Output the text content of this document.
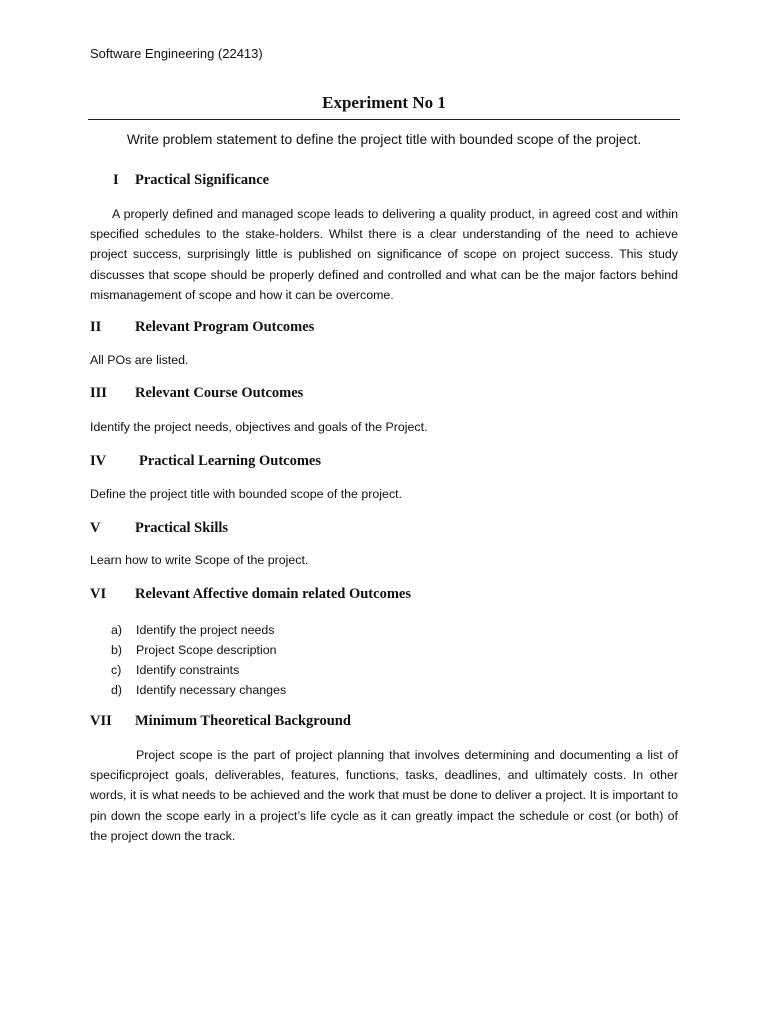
Software Engineering (22413)
Experiment No 1
Write problem statement to define the project title with bounded scope of the project.
I Practical Significance

A properly defined and managed scope leads to delivering a quality product, in agreed cost and within specified schedules to the stake-holders. Whilst there is a clear understanding of the need to achieve project success, surprisingly little is published on significance of scope on project success. This study discusses that scope should be properly defined and controlled and what can be the major factors behind mismanagement of scope and how it can be overcome.

II Relevant Program Outcomes
All POs are listed.
III Relevant Course Outcomes
Identify the project needs, objectives and goals of the Project.
IV Practical Learning Outcomes
Define the project title with bounded scope of the project.
V Practical Skills
Learn how to write Scope of the project.
VI Relevant Affective domain related Outcomes
a) Identify the project needs
b) Project Scope description
c) Identify constraints
d) Identify necessary changes
VII Minimum Theoretical Background

Project scope is the part of project planning that involves determining and documenting a list of specificproject goals, deliverables, features, functions, tasks, deadlines, and ultimately costs. In other words, it is what needs to be achieved and the work that must be done to deliver a project. It is important to pin down the scope early in a project’s life cycle as it can greatly impact the schedule or cost (or both) of the project down the track.
